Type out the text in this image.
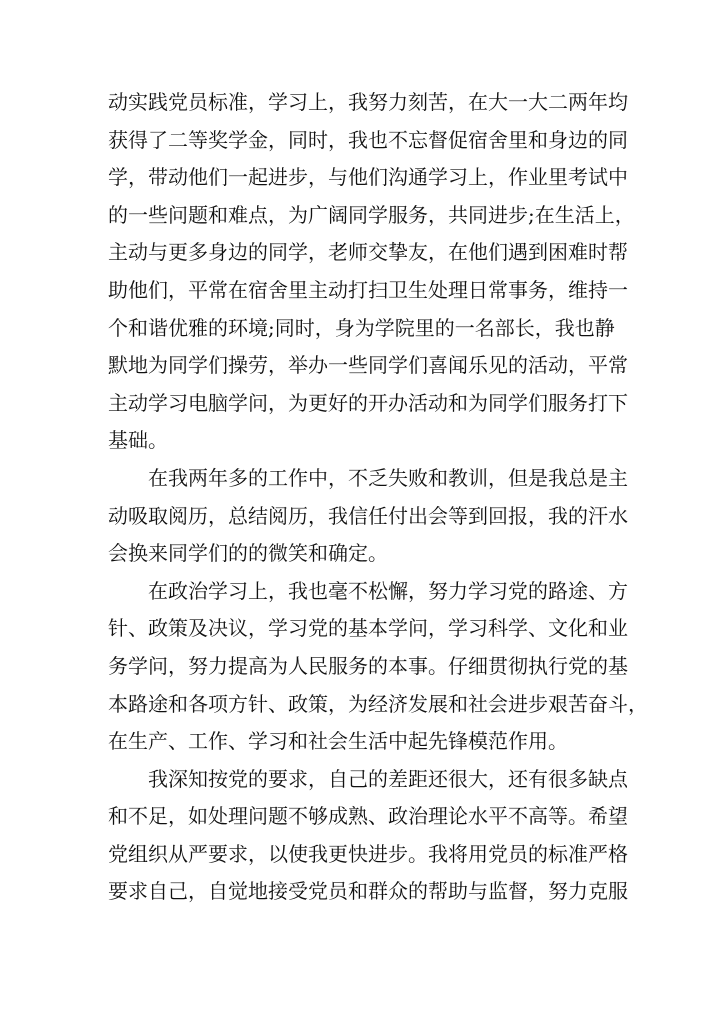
动实践党员标准，学习上，我努力刻苦，在大一大二两年均
获得了二等奖学金，同时，我也不忘督促宿舍里和身边的同
学，带动他们一起进步，与他们沟通学习上，作业里考试中
的一些问题和难点，为广阔同学服务，共同进步;在生活上，
主动与更多身边的同学，老师交挚友，在他们遇到困难时帮
助他们，平常在宿舍里主动打扫卫生处理日常事务，维持一
个和谐优雅的环境;同时，身为学院里的一名部长，我也静
默地为同学们操劳，举办一些同学们喜闻乐见的活动，平常
主动学习电脑学问，为更好的开办活动和为同学们服务打下
基础。
在我两年多的工作中，不乏失败和教训，但是我总是主
动吸取阅历，总结阅历，我信任付出会等到回报，我的汗水
会换来同学们的的微笑和确定。
在政治学习上，我也毫不松懈，努力学习党的路途、方
针、政策及决议，学习党的基本学问，学习科学、文化和业
务学问，努力提高为人民服务的本事。仔细贯彻执行党的基
本路途和各项方针、政策，为经济发展和社会进步艰苦奋斗，
在生产、工作、学习和社会生活中起先锋模范作用。
我深知按党的要求，自己的差距还很大，还有很多缺点
和不足，如处理问题不够成熟、政治理论水平不高等。希望
党组织从严要求，以使我更快进步。我将用党员的标准严格
要求自己，自觉地接受党员和群众的帮助与监督，努力克服
